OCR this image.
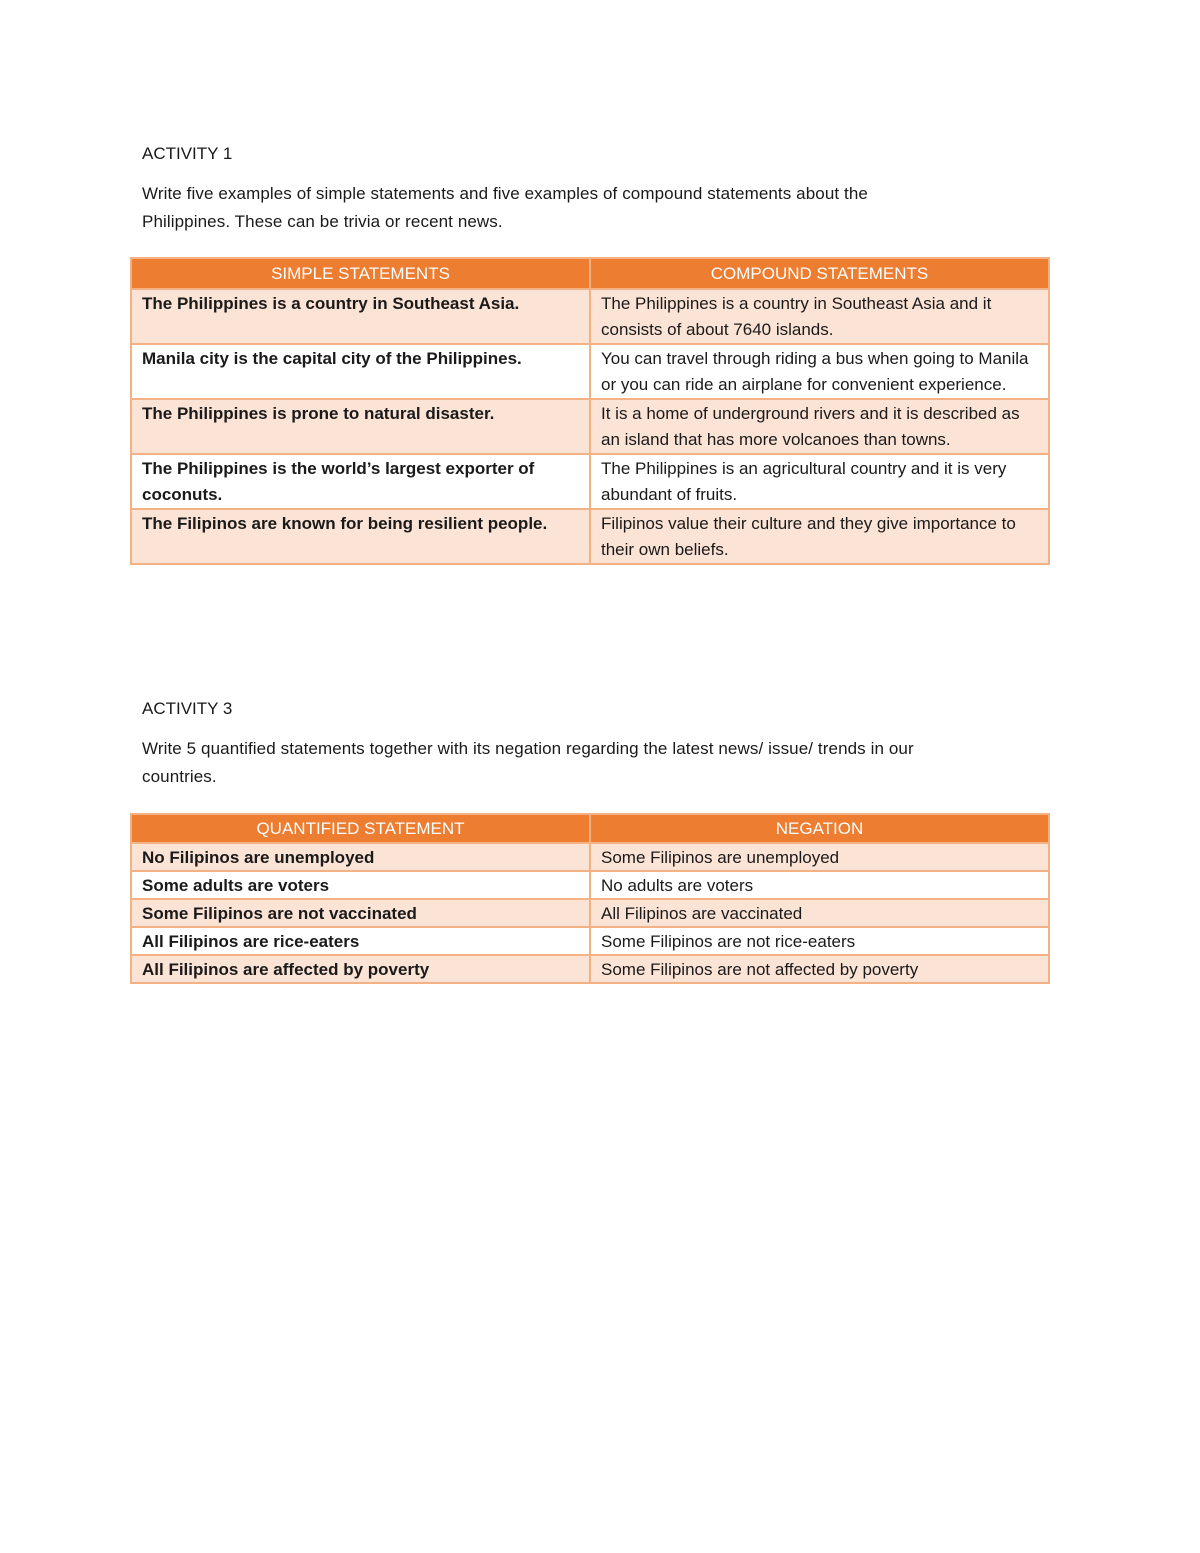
ACTIVITY 1

Write five examples of simple statements and five examples of compound statements about the
Philippines. These can be trivia or recent news.

SIMPLE STATEMENTS	COMPOUND STATEMENTS
The Philippines is a country in Southeast Asia.	The Philippines is a country in Southeast Asia and it consists of about 7640 islands.
Manila city is the capital city of the Philippines.	You can travel through riding a bus when going to Manila or you can ride an airplane for convenient experience.
The Philippines is prone to natural disaster.	It is a home of underground rivers and it is described as an island that has more volcanoes than towns.
The Philippines is the world’s largest exporter of coconuts.	The Philippines is an agricultural country and it is very abundant of fruits.
The Filipinos are known for being resilient people.	Filipinos value their culture and they give importance to their own beliefs.

ACTIVITY 3

Write 5 quantified statements together with its negation regarding the latest news/ issue/ trends in our
countries.

QUANTIFIED STATEMENT	NEGATION
No Filipinos are unemployed	Some Filipinos are unemployed
Some adults are voters	No adults are voters
Some Filipinos are not vaccinated	All Filipinos are vaccinated
All Filipinos are rice-eaters	Some Filipinos are not rice-eaters
All Filipinos are affected by poverty	Some Filipinos are not affected by poverty
